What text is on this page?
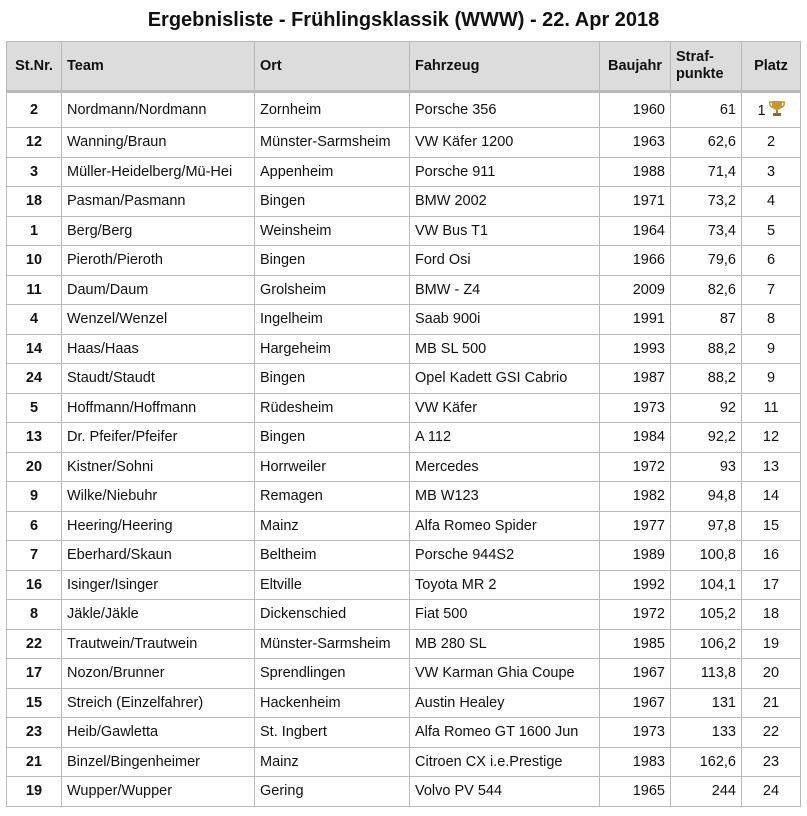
Ergebnisliste - Frühlingsklassik (WWW) - 22. Apr 2018
St.Nr.	Team	Ort	Fahrzeug	Baujahr	Straf-
punkte	Platz
2	Nordmann/Nordmann	Zornheim	Porsche 356	1960	61	1
12	Wanning/Braun	Münster-Sarmsheim	VW Käfer 1200	1963	62,6	2
3	Müller-Heidelberg/Mü-Hei	Appenheim	Porsche 911	1988	71,4	3
18	Pasman/Pasmann	Bingen	BMW 2002	1971	73,2	4
1	Berg/Berg	Weinsheim	VW Bus T1	1964	73,4	5
10	Pieroth/Pieroth	Bingen	Ford Osi	1966	79,6	6
11	Daum/Daum	Grolsheim	BMW - Z4	2009	82,6	7
4	Wenzel/Wenzel	Ingelheim	Saab 900i	1991	87	8
14	Haas/Haas	Hargeheim	MB SL 500	1993	88,2	9
24	Staudt/Staudt	Bingen	Opel Kadett GSI Cabrio	1987	88,2	9
5	Hoffmann/Hoffmann	Rüdesheim	VW Käfer	1973	92	11
13	Dr. Pfeifer/Pfeifer	Bingen	A 112	1984	92,2	12
20	Kistner/Sohni	Horrweiler	Mercedes	1972	93	13
9	Wilke/Niebuhr	Remagen	MB W123	1982	94,8	14
6	Heering/Heering	Mainz	Alfa Romeo Spider	1977	97,8	15
7	Eberhard/Skaun	Beltheim	Porsche 944S2	1989	100,8	16
16	Isinger/Isinger	Eltville	Toyota MR 2	1992	104,1	17
8	Jäkle/Jäkle	Dickenschied	Fiat 500	1972	105,2	18
22	Trautwein/Trautwein	Münster-Sarmsheim	MB 280 SL	1985	106,2	19
17	Nozon/Brunner	Sprendlingen	VW Karman Ghia Coupe	1967	113,8	20
15	Streich (Einzelfahrer)	Hackenheim	Austin Healey	1967	131	21
23	Heib/Gawletta	St. Ingbert	Alfa Romeo GT 1600 Jun	1973	133	22
21	Binzel/Bingenheimer	Mainz	Citroen CX i.e.Prestige	1983	162,6	23
19	Wupper/Wupper	Gering	Volvo PV 544	1965	244	24
